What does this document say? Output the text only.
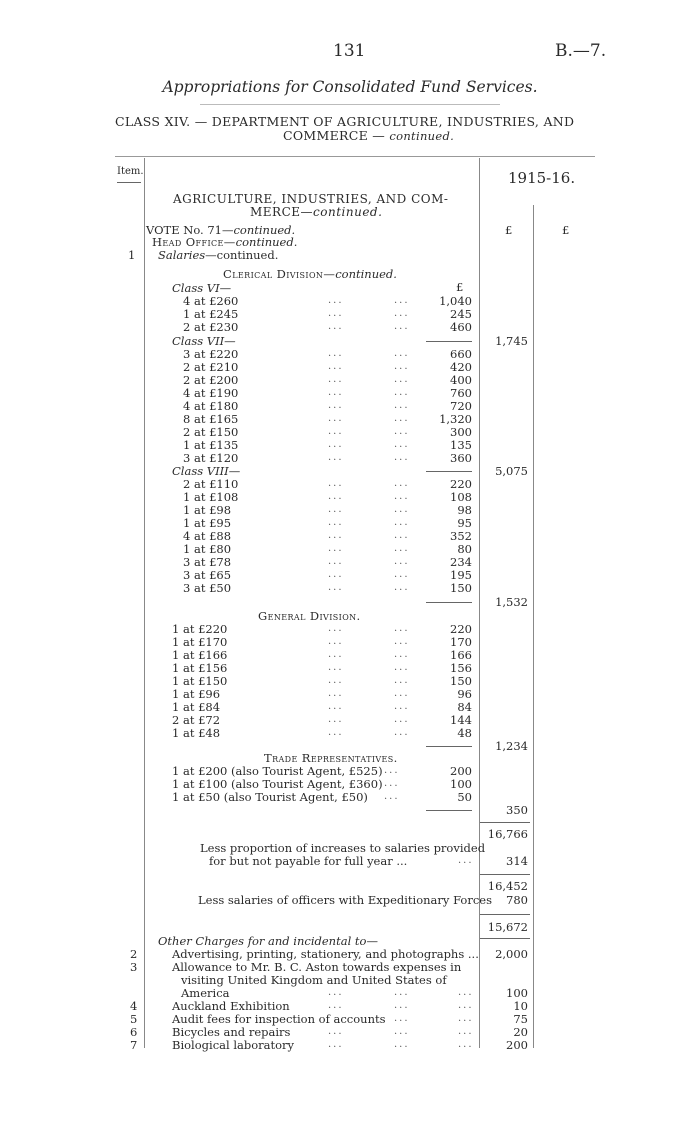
131	B.—7.
Appropriations for Consolidated Fund Services.
CLASS XIV. — DEPARTMENT OF AGRICULTURE, INDUSTRIES, AND
COMMERCE — continued.
Item.	1915-16.
£	£
AGRICULTURE, INDUSTRIES, AND COM-
MERCE—continued.
VOTE No. 71—continued.
Head Office—continued.
1 Salaries—continued.
Clerical Division—continued.
£
Class VI—
4 at £260	...	...	1,040
1 at £245	...	...	245
2 at £230	...	...	460
1,745
Class VII—
3 at £220	...	...	660
2 at £210	...	...	420
2 at £200	...	...	400
4 at £190	...	...	760
4 at £180	...	...	720
8 at £165	...	...	1,320
2 at £150	...	...	300
1 at £135	...	...	135
3 at £120	...	...	360
5,075
Class VIII—
2 at £110	...	...	220
1 at £108	...	...	108
1 at £98	...	...	98
1 at £95	...	...	95
4 at £88	...	...	352
1 at £80	...	...	80
3 at £78	...	...	234
3 at £65	...	...	195
3 at £50	...	...	150
1,532
General Division.
1 at £220	...	...	220
1 at £170	...	...	170
1 at £166	...	...	166
1 at £156	...	...	156
1 at £150	...	...	150
1 at £96	...	...	96
1 at £84	...	...	84
2 at £72	...	...	144
1 at £48	...	...	48
1,234
Trade Representatives.
1 at £200 (also Tourist Agent, £525) ...	200
1 at £100 (also Tourist Agent, £360) ...	100
1 at £50 (also Tourist Agent, £50) ...	50
350
16,766
Less proportion of increases to salaries provided
for but not payable for full year ...	...	314
16,452
Less salaries of officers with Expeditionary Forces	780
15,672
Other Charges for and incidental to—
2	Advertising, printing, stationery, and photographs ...	2,000
3	Allowance to Mr. B. C. Aston towards expenses in
visiting United Kingdom and United States of
America	...	...	...	100
4	Auckland Exhibition	...	...	...	10
5	Audit fees for inspection of accounts ...	...	75
6	Bicycles and repairs	...	...	...	20
7	Biological laboratory	...	...	...	200
